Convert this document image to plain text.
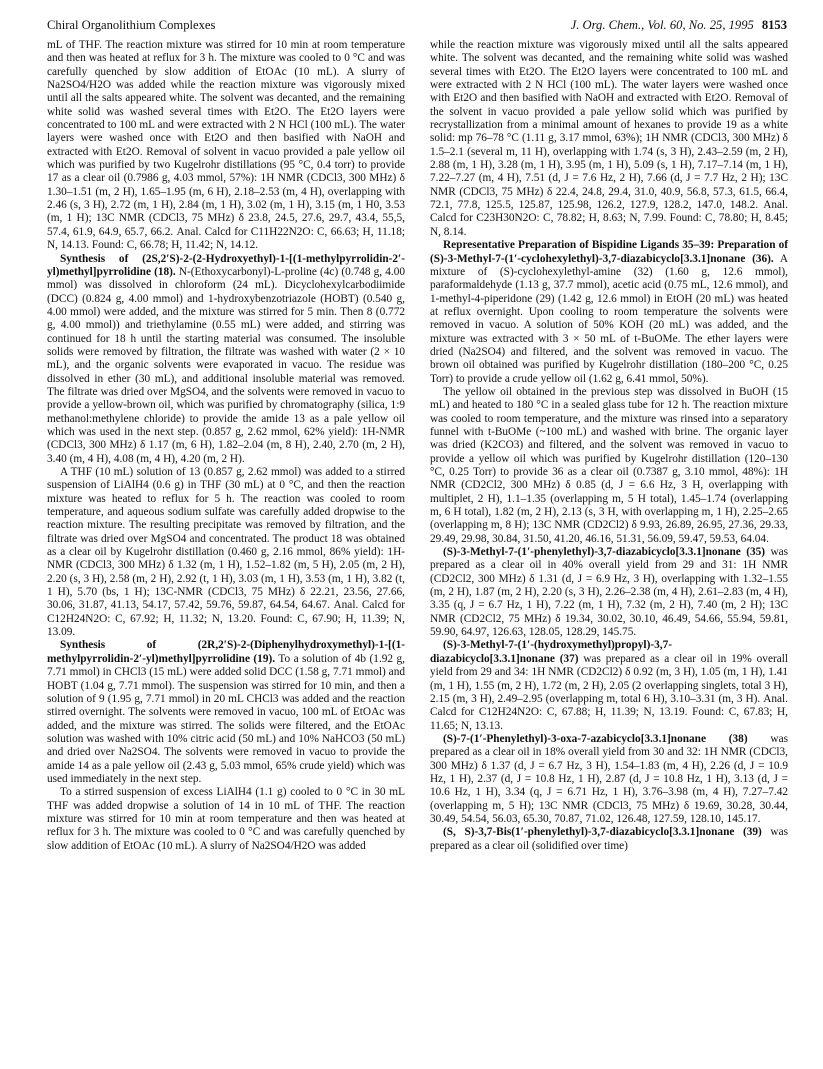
Chiral Organolithium Complexes	J. Org. Chem., Vol. 60, No. 25, 1995 8153

mL of THF. The reaction mixture was stirred for 10 min at room temperature and then was heated at reflux for 3 h. The mixture was cooled to 0 °C and was carefully quenched by slow addition of EtOAc (10 mL). A slurry of Na2SO4/H2O was added while the reaction mixture was vigorously mixed until all the salts appeared white. The solvent was decanted, and the remaining white solid was washed several times with Et2O. The Et2O layers were concentrated to 100 mL and were extracted with 2 N HCl (100 mL). The water layers were washed once with Et2O and then basified with NaOH and extracted with Et2O. Removal of solvent in vacuo provided a pale yellow oil which was purified by two Kugelrohr distillations (95 °C, 0.4 torr) to provide 17 as a clear oil (0.7986 g, 4.03 mmol, 57%): 1H NMR (CDCl3, 300 MHz) δ 1.30–1.51 (m, 2 H), 1.65–1.95 (m, 6 H), 2.18–2.53 (m, 4 H), overlapping with 2.46 (s, 3 H), 2.72 (m, 1 H), 2.84 (m, 1 H), 3.02 (m, 1 H), 3.15 (m, 1 H0, 3.53 (m, 1 H); 13C NMR (CDCl3, 75 MHz) δ 23.8, 24.5, 27.6, 29.7, 43.4, 55,5, 57.4, 61.9, 64.9, 65.7, 66.2. Anal. Calcd for C11H22N2O: C, 66.63; H, 11.18; N, 14.13. Found: C, 66.78; H, 11.42; N, 14.12.

Synthesis of (2S,2′S)-2-(2-Hydroxyethyl)-1-[(1-methylpyrrolidin-2′-yl)methyl]pyrrolidine (18). N-(Ethoxycarbonyl)-L-proline (4c) (0.748 g, 4.00 mmol) was dissolved in chloroform (24 mL). Dicyclohexylcarbodiimide (DCC) (0.824 g, 4.00 mmol) and 1-hydroxybenzotriazole (HOBT) (0.540 g, 4.00 mmol) were added, and the mixture was stirred for 5 min. Then 8 (0.772 g, 4.00 mmol)) and triethylamine (0.55 mL) were added, and stirring was continued for 18 h until the starting material was consumed. The insoluble solids were removed by filtration, the filtrate was washed with water (2 × 10 mL), and the organic solvents were evaporated in vacuo. The residue was dissolved in ether (30 mL), and additional insoluble material was removed. The filtrate was dried over MgSO4, and the solvents were removed in vacuo to provide a yellow-brown oil, which was purified by chromatography (silica, 1:9 methanol:methylene chloride) to provide the amide 13 as a pale yellow oil which was used in the next step. (0.857 g, 2.62 mmol, 62% yield): 1H-NMR (CDCl3, 300 MHz) δ 1.17 (m, 6 H), 1.82–2.04 (m, 8 H), 2.40, 2.70 (m, 2 H), 3.40 (m, 4 H), 4.08 (m, 4 H), 4.20 (m, 2 H).

A THF (10 mL) solution of 13 (0.857 g, 2.62 mmol) was added to a stirred suspension of LiAlH4 (0.6 g) in THF (30 mL) at 0 °C, and then the reaction mixture was heated to reflux for 5 h. The reaction was cooled to room temperature, and aqueous sodium sulfate was carefully added dropwise to the reaction mixture. The resulting precipitate was removed by filtration, and the filtrate was dried over MgSO4 and concentrated. The product 18 was obtained as a clear oil by Kugelrohr distillation (0.460 g, 2.16 mmol, 86% yield): 1H-NMR (CDCl3, 300 MHz) δ 1.32 (m, 1 H), 1.52–1.82 (m, 5 H), 2.05 (m, 2 H), 2.20 (s, 3 H), 2.58 (m, 2 H), 2.92 (t, 1 H), 3.03 (m, 1 H), 3.53 (m, 1 H), 3.82 (t, 1 H), 5.70 (bs, 1 H); 13C-NMR (CDCl3, 75 MHz) δ 22.21, 23.56, 27.66, 30.06, 31.87, 41.13, 54.17, 57.42, 59.76, 59.87, 64.54, 64.67. Anal. Calcd for C12H24N2O: C, 67.92; H, 11.32; N, 13.20. Found: C, 67.90; H, 11.39; N, 13.09.

Synthesis of (2R,2′S)-2-(Diphenylhydroxymethyl)-1-[(1-methylpyrrolidin-2′-yl)methyl]pyrrolidine (19). To a solution of 4b (1.92 g, 7.71 mmol) in CHCl3 (15 mL) were added solid DCC (1.58 g, 7.71 mmol) and HOBT (1.04 g, 7.71 mmol). The suspension was stirred for 10 min, and then a solution of 9 (1.95 g, 7.71 mmol) in 20 mL CHCl3 was added and the reaction stirred overnight. The solvents were removed in vacuo, 100 mL of EtOAc was added, and the mixture was stirred. The solids were filtered, and the EtOAc solution was washed with 10% citric acid (50 mL) and 10% NaHCO3 (50 mL) and dried over Na2SO4. The solvents were removed in vacuo to provide the amide 14 as a pale yellow oil (2.43 g, 5.03 mmol, 65% crude yield) which was used immediately in the next step.

To a stirred suspension of excess LiAlH4 (1.1 g) cooled to 0 °C in 30 mL THF was added dropwise a solution of 14 in 10 mL of THF. The reaction mixture was stirred for 10 min at room temperature and then was heated at reflux for 3 h. The mixture was cooled to 0 °C and was carefully quenched by slow addition of EtOAc (10 mL). A slurry of Na2SO4/H2O was added

while the reaction mixture was vigorously mixed until all the salts appeared white. The solvent was decanted, and the remaining white solid was washed several times with Et2O. The Et2O layers were concentrated to 100 mL and were extracted with 2 N HCl (100 mL). The water layers were washed once with Et2O and then basified with NaOH and extracted with Et2O. Removal of the solvent in vacuo provided a pale yellow solid which was purified by recrystallization from a minimal amount of hexanes to provide 19 as a white solid: mp 76–78 °C (1.11 g, 3.17 mmol, 63%); 1H NMR (CDCl3, 300 MHz) δ 1.5–2.1 (several m, 11 H), overlapping with 1.74 (s, 3 H), 2.43–2.59 (m, 2 H), 2.88 (m, 1 H), 3.28 (m, 1 H), 3.95 (m, 1 H), 5.09 (s, 1 H), 7.17–7.14 (m, 1 H), 7.22–7.27 (m, 4 H), 7.51 (d, J = 7.6 Hz, 2 H), 7.66 (d, J = 7.7 Hz, 2 H); 13C NMR (CDCl3, 75 MHz) δ 22.4, 24.8, 29.4, 31.0, 40.9, 56.8, 57.3, 61.5, 66.4, 72.1, 77.8, 125.5, 125.87, 125.98, 126.2, 127.9, 128.2, 147.0, 148.2. Anal. Calcd for C23H30N2O: C, 78.82; H, 8.63; N, 7.99. Found: C, 78.80; H, 8.45; N, 8.14.

Representative Preparation of Bispidine Ligands 35–39: Preparation of (S)-3-Methyl-7-(1′-cyclohexylethyl)-3,7-diazabicyclo[3.3.1]nonane (36). A mixture of (S)-cyclohexylethyl-amine (32) (1.60 g, 12.6 mmol), paraformaldehyde (1.13 g, 37.7 mmol), acetic acid (0.75 mL, 12.6 mmol), and 1-methyl-4-piperidone (29) (1.42 g, 12.6 mmol) in EtOH (20 mL) was heated at reflux overnight. Upon cooling to room temperature the solvents were removed in vacuo. A solution of 50% KOH (20 mL) was added, and the mixture was extracted with 3 × 50 mL of t-BuOMe. The ether layers were dried (Na2SO4) and filtered, and the solvent was removed in vacuo. The brown oil obtained was purified by Kugelrohr distillation (180–200 °C, 0.25 Torr) to provide a crude yellow oil (1.62 g, 6.41 mmol, 50%).

The yellow oil obtained in the previous step was dissolved in BuOH (15 mL) and heated to 180 °C in a sealed glass tube for 12 h. The reaction mixture was cooled to room temperature, and the mixture was rinsed into a separatory funnel with t-BuOMe (~100 mL) and washed with brine. The organic layer was dried (K2CO3) and filtered, and the solvent was removed in vacuo to provide a yellow oil which was purified by Kugelrohr distillation (120–130 °C, 0.25 Torr) to provide 36 as a clear oil (0.7387 g, 3.10 mmol, 48%): 1H NMR (CD2Cl2, 300 MHz) δ 0.85 (d, J = 6.6 Hz, 3 H, overlapping with multiplet, 2 H), 1.1–1.35 (overlapping m, 5 H total), 1.45–1.74 (overlapping m, 6 H total), 1.82 (m, 2 H), 2.13 (s, 3 H, with overlapping m, 1 H), 2.25–2.65 (overlapping m, 8 H); 13C NMR (CD2Cl2) δ 9.93, 26.89, 26.95, 27.36, 29.33, 29.49, 29.98, 30.84, 31.50, 41.20, 46.16, 51.31, 56.09, 59.47, 59.53, 64.04.

(S)-3-Methyl-7-(1′-phenylethyl)-3,7-diazabicyclo[3.3.1]nonane (35) was prepared as a clear oil in 40% overall yield from 29 and 31: 1H NMR (CD2Cl2, 300 MHz) δ 1.31 (d, J = 6.9 Hz, 3 H), overlapping with 1.32–1.55 (m, 2 H), 1.87 (m, 2 H), 2.20 (s, 3 H), 2.26–2.38 (m, 4 H), 2.61–2.83 (m, 4 H), 3.35 (q, J = 6.7 Hz, 1 H), 7.22 (m, 1 H), 7.32 (m, 2 H), 7.40 (m, 2 H); 13C NMR (CD2Cl2, 75 MHz) δ 19.34, 30.02, 30.10, 46.49, 54.66, 55.94, 59.81, 59.90, 64.97, 126.63, 128.05, 128.29, 145.75.

(S)-3-Methyl-7-(1′-(hydroxymethyl)propyl)-3,7-diazabicyclo[3.3.1]nonane (37) was prepared as a clear oil in 19% overall yield from 29 and 34: 1H NMR (CD2Cl2) δ 0.92 (m, 3 H), 1.05 (m, 1 H), 1.41 (m, 1 H), 1.55 (m, 2 H), 1.72 (m, 2 H), 2.05 (2 overlapping singlets, total 3 H), 2.15 (m, 3 H), 2.49–2.95 (overlapping m, total 6 H), 3.10–3.31 (m, 3 H). Anal. Calcd for C12H24N2O: C, 67.88; H, 11.39; N, 13.19. Found: C, 67.83; H, 11.65; N, 13.13.

(S)-7-(1′-Phenylethyl)-3-oxa-7-azabicyclo[3.3.1]nonane (38) was prepared as a clear oil in 18% overall yield from 30 and 32: 1H NMR (CDCl3, 300 MHz) δ 1.37 (d, J = 6.7 Hz, 3 H), 1.54–1.83 (m, 4 H), 2.26 (d, J = 10.9 Hz, 1 H), 2.37 (d, J = 10.8 Hz, 1 H), 2.87 (d, J = 10.8 Hz, 1 H), 3.13 (d, J = 10.6 Hz, 1 H), 3.34 (q, J = 6.71 Hz, 1 H), 3.76–3.98 (m, 4 H), 7.27–7.42 (overlapping m, 5 H); 13C NMR (CDCl3, 75 MHz) δ 19.69, 30.28, 30.44, 30.49, 54.54, 56.03, 65.30, 70.87, 71.02, 126.48, 127.59, 128.10, 145.17.

(S, S)-3,7-Bis(1′-phenylethyl)-3,7-diazabicyclo[3.3.1]nonane (39) was prepared as a clear oil (solidified over time)
